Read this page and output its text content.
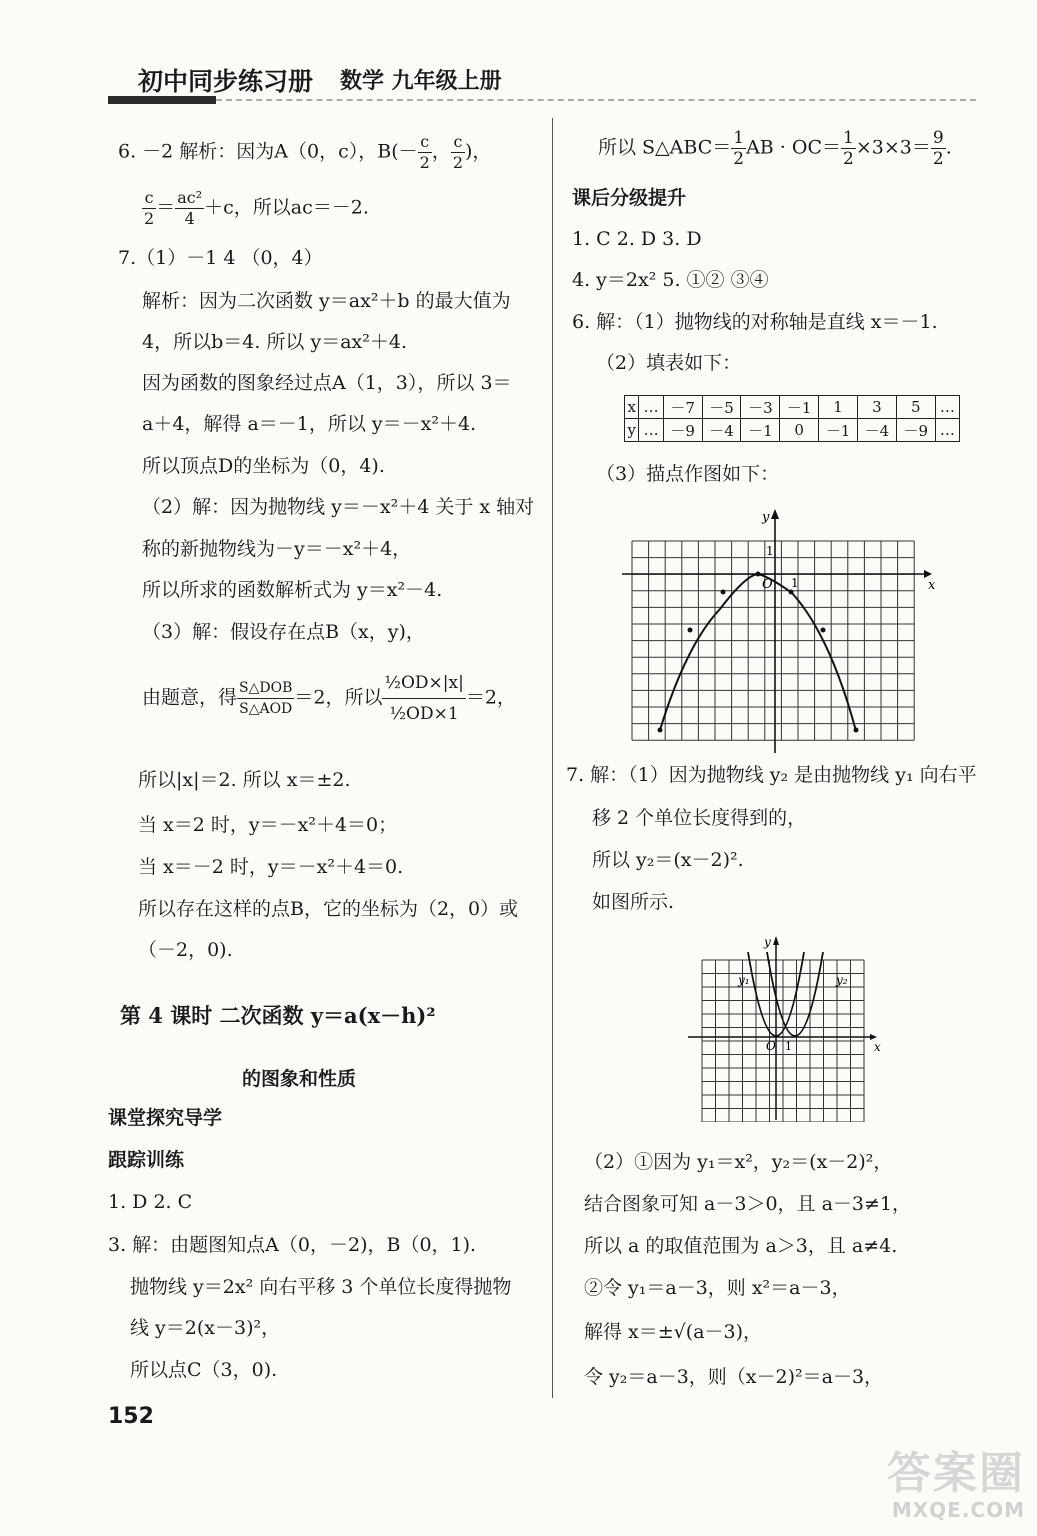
初中同步练习册 数学 九年级上册
6. －2 解析：因为A（0，c），$B(- \frac{c}{2}$ ， $\frac{c}{2}$ )，
$\frac{c}{2} = \frac{\text{ac²}}{4} +c$，所以ac＝－2.
7.（1）－1 4 （0，4）
解析：因为二次函数 y＝ax²＋b 的最大值为
4，所以b＝4. 所以 y＝ax²＋4.
因为函数的图象经过点A（1，3），所以 3＝
a＋4，解得 a＝－1，所以 y＝－x²＋4.
所以顶点D的坐标为（0，4).
（2）解：因为抛物线 y＝－x²＋4 关于 x 轴对
称的新抛物线为－y＝－x²＋4，
所以所求的函数解析式为 y＝x²－4.
（3）解：假设存在点B（x，y)，
由题意，得 $\frac{\text{S△DOB}}{\text{S△AOD}} =2$，所以 $\frac{\text{½OD×|x|}}{\text{½OD×1}} =2$，
所以|x|＝2. 所以 x＝±2.
当 x＝2 时，y＝－x²＋4＝0；
当 x＝－2 时，y＝－x²＋4＝0.
所以存在这样的点B，它的坐标为（2，0）或
（－2，0).
第 4 课时 二次函数 y＝a(x－h)²
的图象和性质
课堂探究导学
跟踪训练
1. D 2. C
3. 解：由题图知点A（0，－2)，B（0，1).
抛物线 y＝2x² 向右平移 3 个单位长度得抛物
线 y＝2(x－3)²，
所以点C（3，0).
152
所以 S△ABC＝ $\frac{1}{2}$ AB · $OC= \frac{1}{2} \times 3\times 3= \frac{9}{2}$ .
课后分级提升
1. C 2. D 3. D
4. y＝2x² 5. ①② ③④
6. 解：（1）抛物线的对称轴是直线 x＝－1.
（2）填表如下：
x	…	－7	－5	－3	－1	1	3	5	…
y	…	－9	－4	－1	0	－1	－4	－9	…
（3）描点作图如下：
x
y
O 1
1
7. 解：（1）因为抛物线 y₂ 是由抛物线 y₁ 向右平
移 2 个单位长度得到的，
所以 y₂＝(x－2)².
如图所示.
x
y
O 1
y₁	y₂
（2）①因为 y₁＝x²，y₂＝(x－2)²，
结合图象可知 a－3＞0，且 a－3≠1，
所以 a 的取值范围为 a＞3，且 a≠4.
②令 y₁＝a－3，则 x²＝a－3，
解得 x＝±√(a－3)，
令 y₂＝a－3，则（x－2)²＝a－3，
答案圈
MXQE.COM
